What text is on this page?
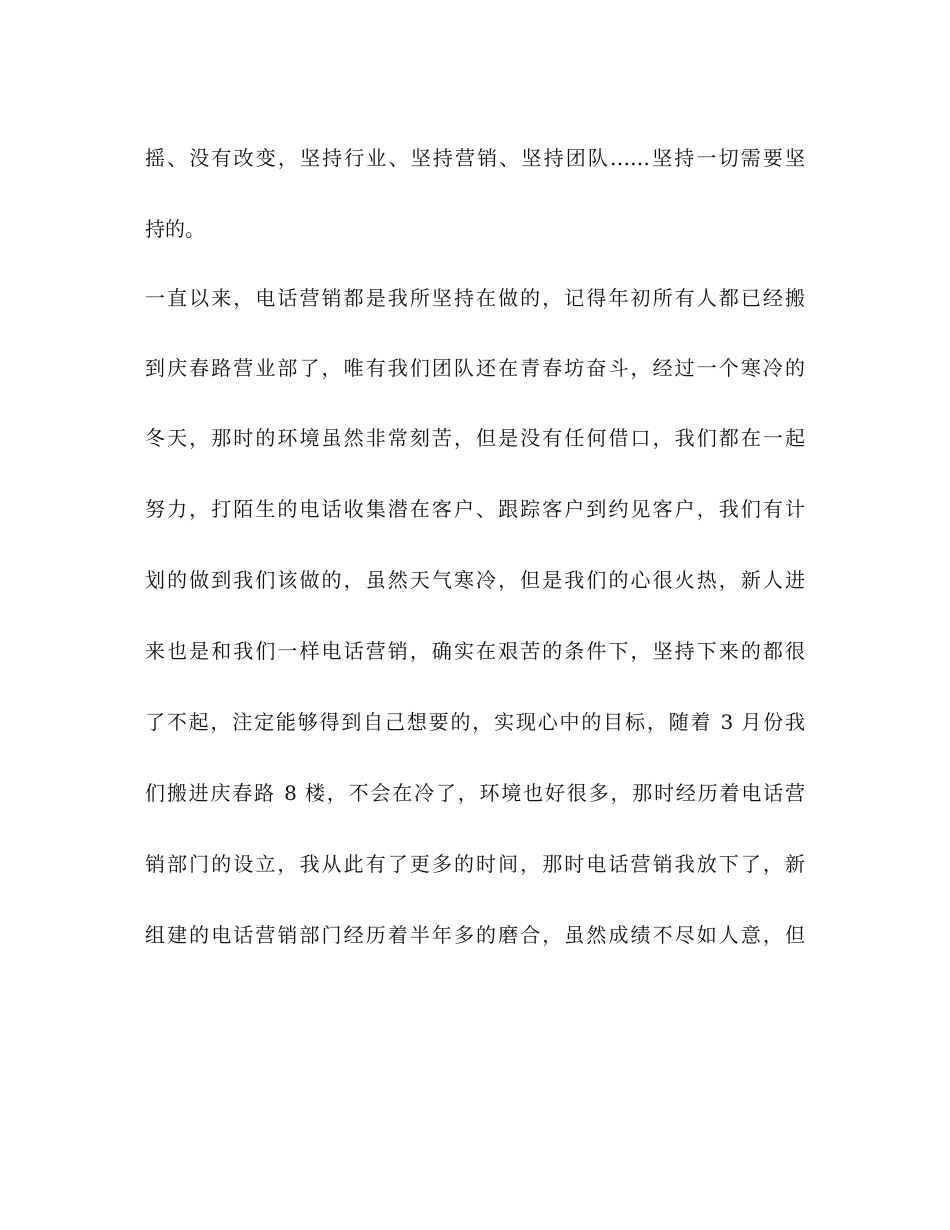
摇、没有改变，坚持行业、坚持营销、坚持团队……坚持一切需要坚
持的。
一直以来，电话营销都是我所坚持在做的，记得年初所有人都已经搬
到庆春路营业部了，唯有我们团队还在青春坊奋斗，经过一个寒冷的
冬天，那时的环境虽然非常刻苦，但是没有任何借口，我们都在一起
努力，打陌生的电话收集潜在客户、跟踪客户到约见客户，我们有计
划的做到我们该做的，虽然天气寒冷，但是我们的心很火热，新人进
来也是和我们一样电话营销，确实在艰苦的条件下，坚持下来的都很
了不起，注定能够得到自己想要的，实现心中的目标，随着 3 月份我
们搬进庆春路 8 楼，不会在冷了，环境也好很多，那时经历着电话营
销部门的设立，我从此有了更多的时间，那时电话营销我放下了，新
组建的电话营销部门经历着半年多的磨合，虽然成绩不尽如人意，但
